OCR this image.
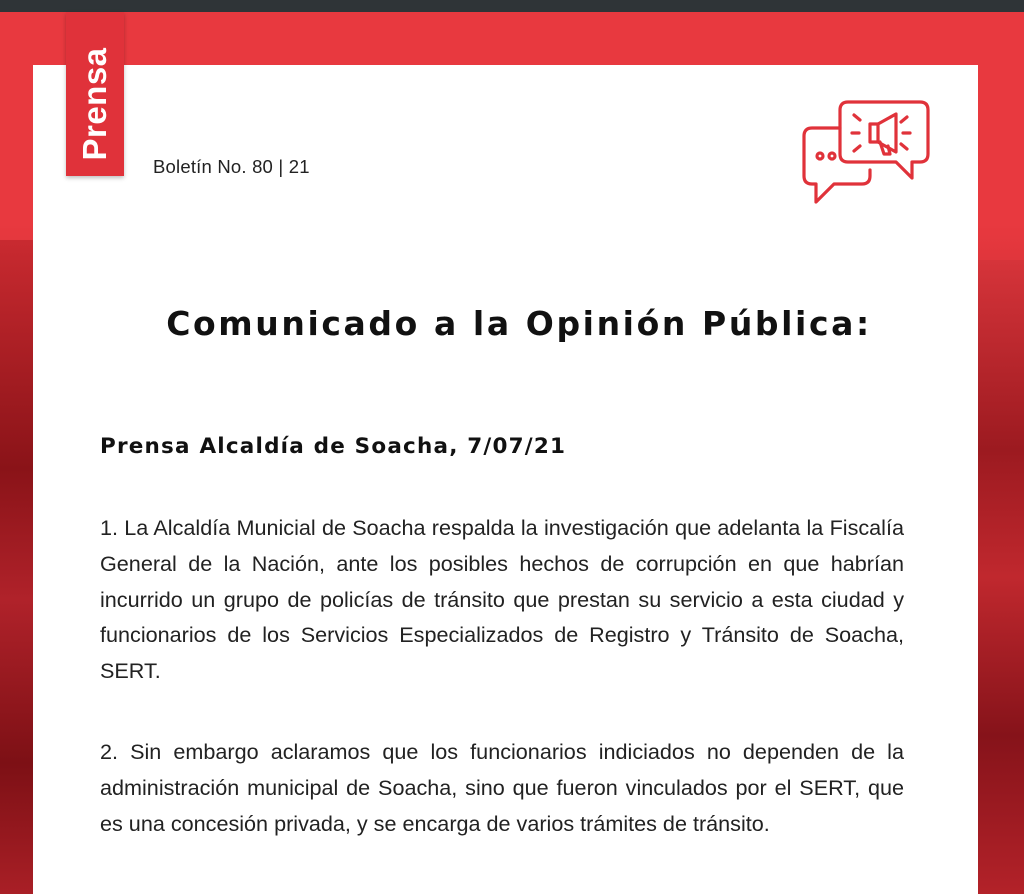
Prensa
Boletín No. 80 | 21
Comunicado a la Opinión Pública:
Prensa Alcaldía de Soacha, 7/07/21

1. La Alcaldía Municial de Soacha respalda la investigación que adelanta la Fiscalía General de la Nación, ante los posibles hechos de corrupción en que habrían incurrido un grupo de policías de tránsito que prestan su servicio a esta ciudad y funcionarios de los Servicios Especializados de Registro y Tránsito de Soacha, SERT.

2. Sin embargo aclaramos que los funcionarios indiciados no dependen de la administración municipal de Soacha, sino que fueron vinculados por el SERT, que es una concesión privada, y se encarga de varios trámites de tránsito.
